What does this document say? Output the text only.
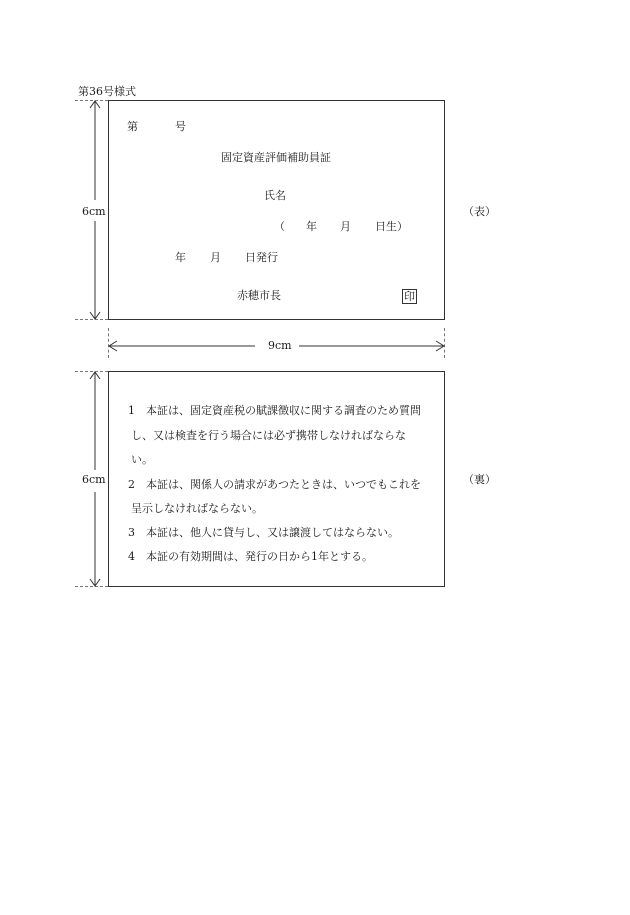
第36号様式
第	号
固定資産評価補助員証
氏名
（ 年 月 日生）
年 月 日発行
赤穂市長	印
6cm	（表）
9cm
1　本証は、固定資産税の賦課徴収に関する調査のため質問
し、又は検査を行う場合には必ず携帯しなければならな
い。
2　本証は、関係人の請求があつたときは、いつでもこれを
呈示しなければならない。
3　本証は、他人に貸与し、又は譲渡してはならない。
4　本証の有効期間は、発行の日から1年とする。
6cm	（裏）
